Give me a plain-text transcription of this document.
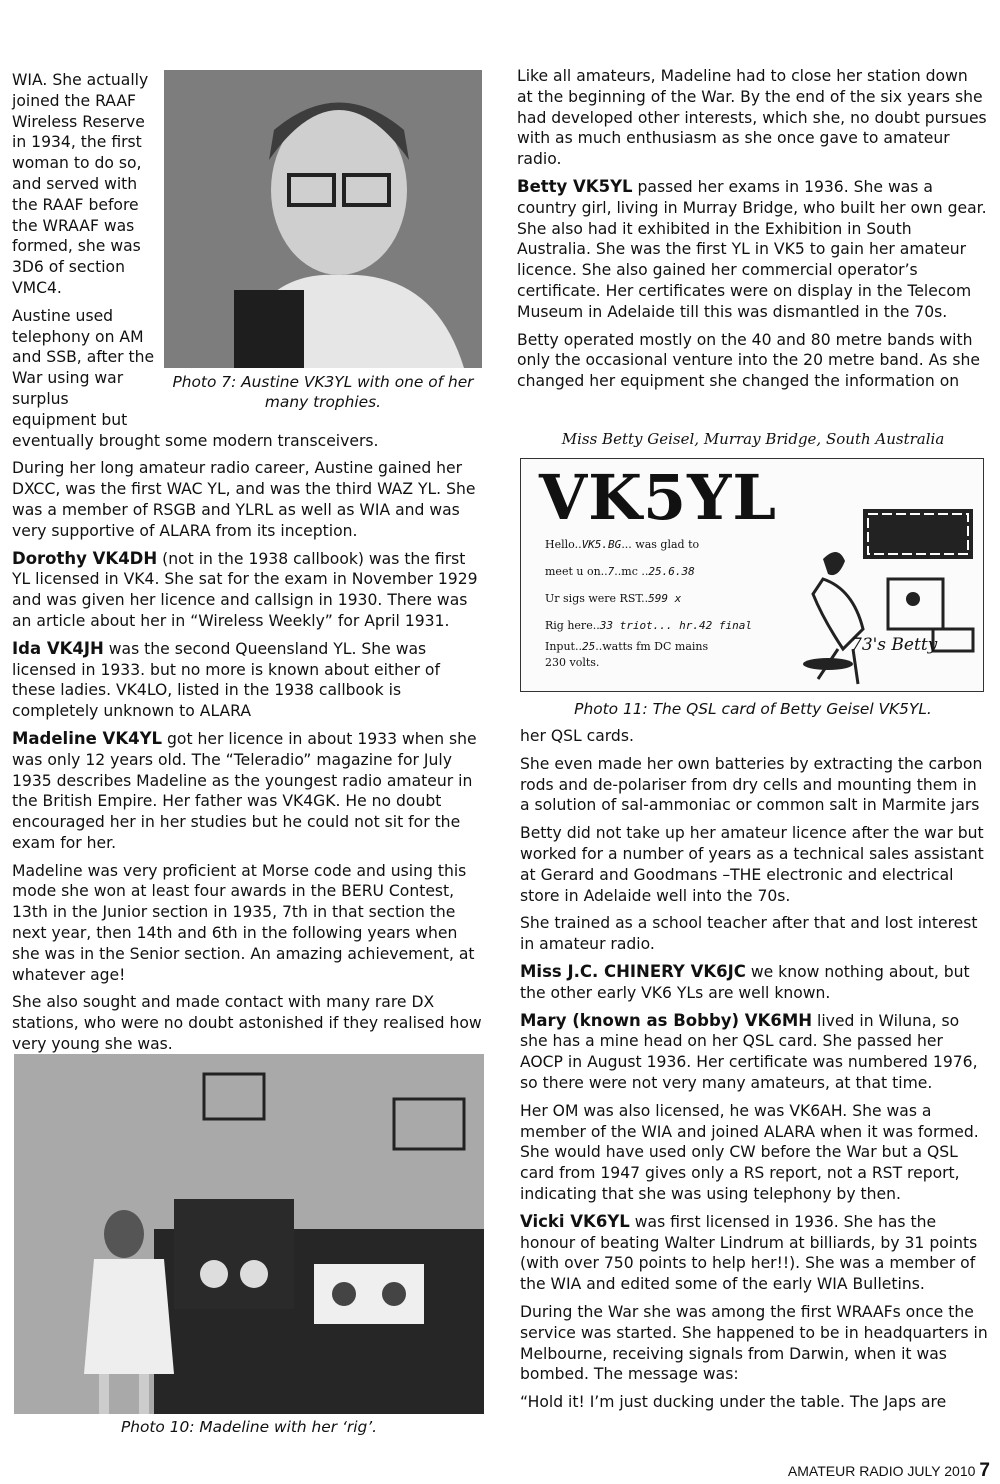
Photo 7: Austine VK3YL with one of her many trophies.

WIA. She actually joined the RAAF Wireless Reserve in 1934, the first woman to do so, and served with the RAAF before the WRAAF was formed, she was 3D6 of section VMC4.

Austine used telephony on AM and SSB, after the War using war surplus equipment but eventually brought some modern transceivers.

During her long amateur radio career, Austine gained her DXCC, was the first WAC YL, and was the third WAZ YL. She was a member of RSGB and YLRL as well as WIA and was very supportive of ALARA from its inception.

Dorothy VK4DH (not in the 1938 callbook) was the first YL licensed in VK4. She sat for the exam in November 1929 and was given her licence and callsign in 1930. There was an article about her in “Wireless Weekly” for April 1931.

Ida VK4JH was the second Queensland YL. She was licensed in 1933. but no more is known about either of these ladies. VK4LO, listed in the 1938 callbook is completely unknown to ALARA

Madeline VK4YL got her licence in about 1933 when she was only 12 years old. The “Teleradio” magazine for July 1935 describes Madeline as the youngest radio amateur in the British Empire. Her father was VK4GK. He no doubt encouraged her in her studies but he could not sit for the exam for her.

Madeline was very proficient at Morse code and using this mode she won at least four awards in the BERU Contest, 13th in the Junior section in 1935, 7th in that section the next year, then 14th and 6th in the following years when she was in the Senior section. An amazing achievement, at whatever age!

She also sought and made contact with many rare DX stations, who were no doubt astonished if they realised how very young she was.

Photo 10: Madeline with her ‘rig’.

Like all amateurs, Madeline had to close her station down at the beginning of the War. By the end of the six years she had developed other interests, which she, no doubt pursues with as much enthusiasm as she once gave to amateur radio.

Betty VK5YL passed her exams in 1936. She was a country girl, living in Murray Bridge, who built her own gear. She also had it exhibited in the Exhibition in South Australia. She was the first YL in VK5 to gain her amateur licence. She also gained her commercial operator’s certificate. Her certificates were on display in the Telecom Museum in Adelaide till this was dismantled in the 70s.

Betty operated mostly on the 40 and 80 metre bands with only the occasional venture into the 20 metre band. As she changed her equipment she changed the information on

Miss Betty Geisel, Murray Bridge, South Australia
VK5YL
Hello..VK5.BG... was glad to
meet u on..7..mc ..25.6.38
Ur sigs were RST..599 x
Rig here..33 triot... hr.42 final
Input..25..watts fm DC mains
230 volts.
73's Betty
Photo 11: The QSL card of Betty Geisel VK5YL.

her QSL cards.

She even made her own batteries by extracting the carbon rods and de-polariser from dry cells and mounting them in a solution of sal-ammoniac or common salt in Marmite jars

Betty did not take up her amateur licence after the war but worked for a number of years as a technical sales assistant at Gerard and Goodmans –THE electronic and electrical store in Adelaide well into the 70s.

She trained as a school teacher after that and lost interest in amateur radio.

Miss J.C. CHINERY VK6JC we know nothing about, but the other early VK6 YLs are well known.

Mary (known as Bobby) VK6MH lived in Wiluna, so she has a mine head on her QSL card. She passed her AOCP in August 1936. Her certificate was numbered 1976, so there were not very many amateurs, at that time.

Her OM was also licensed, he was VK6AH. She was a member of the WIA and joined ALARA when it was formed. She would have used only CW before the War but a QSL card from 1947 gives only a RS report, not a RST report, indicating that she was using telephony by then.

Vicki VK6YL was first licensed in 1936. She has the honour of beating Walter Lindrum at billiards, by 31 points (with over 750 points to help her!!). She was a member of the WIA and edited some of the early WIA Bulletins.

During the War she was among the first WRAAFs once the service was started. She happened to be in headquarters in Melbourne, receiving signals from Darwin, when it was bombed. The message was:

“Hold it! I’m just ducking under the table. The Japs are

AMATEUR RADIO JULY 2010 7
